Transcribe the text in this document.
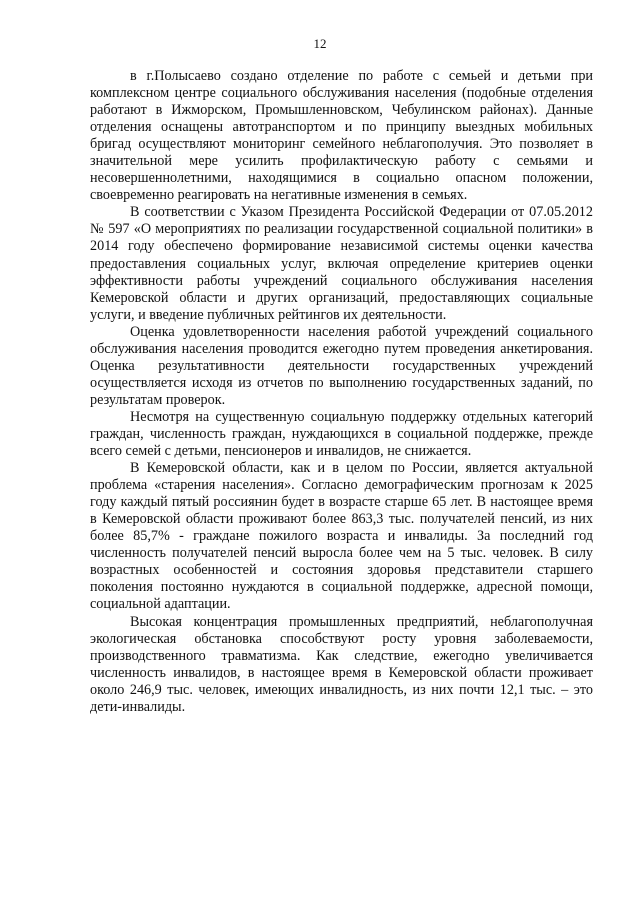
12

в г.Полысаево создано отделение по работе с семьей и детьми при комплексном центре социального обслуживания населения (подобные отделения работают в Ижморском, Промышленновском, Чебулинском районах). Данные отделения оснащены автотранспортом и по принципу выездных мобильных бригад осуществляют мониторинг семейного неблагополучия. Это позволяет в значительной мере усилить профилактическую работу с семьями и несовершеннолетними, находящимися в социально опасном положении, своевременно реагировать на негативные изменения в семьях.

В соответствии с Указом Президента Российской Федерации от 07.05.2012 № 597 «О мероприятиях по реализации государственной социальной политики» в 2014 году обеспечено формирование независимой системы оценки качества предоставления социальных услуг, включая определение критериев оценки эффективности работы учреждений социального обслуживания населения Кемеровской области и других организаций, предоставляющих социальные услуги, и введение публичных рейтингов их деятельности.

Оценка удовлетворенности населения работой учреждений социального обслуживания населения проводится ежегодно путем проведения анкетирования. Оценка результативности деятельности государственных учреждений осуществляется исходя из отчетов по выполнению государственных заданий, по результатам проверок.

Несмотря на существенную социальную поддержку отдельных категорий граждан, численность граждан, нуждающихся в социальной поддержке, прежде всего семей с детьми, пенсионеров и инвалидов, не снижается.

В Кемеровской области, как и в целом по России, является актуальной проблема «старения населения». Согласно демографическим прогнозам к 2025 году каждый пятый россиянин будет в возрасте старше 65 лет. В настоящее время в Кемеровской области проживают более 863,3 тыс. получателей пенсий, из них более 85,7% - граждане пожилого возраста и инвалиды. За последний год численность получателей пенсий выросла более чем на 5 тыс. человек. В силу возрастных особенностей и состояния здоровья представители старшего поколения постоянно нуждаются в социальной поддержке, адресной помощи, социальной адаптации.

Высокая концентрация промышленных предприятий, неблагополучная экологическая обстановка способствуют росту уровня заболеваемости, производственного травматизма. Как следствие, ежегодно увеличивается численность инвалидов, в настоящее время в Кемеровской области проживает около 246,9 тыс. человек, имеющих инвалидность, из них почти 12,1 тыс. – это дети-инвалиды.
